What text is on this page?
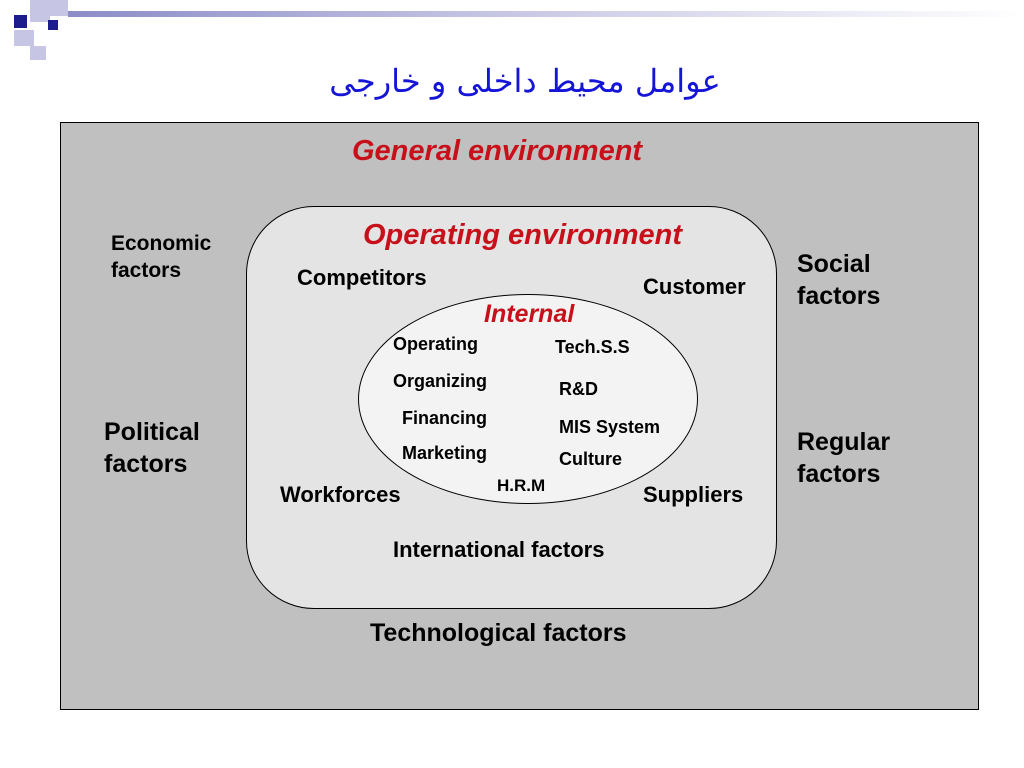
عوامل محیط داخلی و خارجی
General environment
Economic
factors	Social
factors
Political
factors
Regular
factors
Technological factors
Operating environment
Competitors	Customer
Workforces	Suppliers
International factors
Internal
Operating
Organizing
Financing
Marketing
H.R.M
Tech.S.S
R&D
MIS System
Culture
